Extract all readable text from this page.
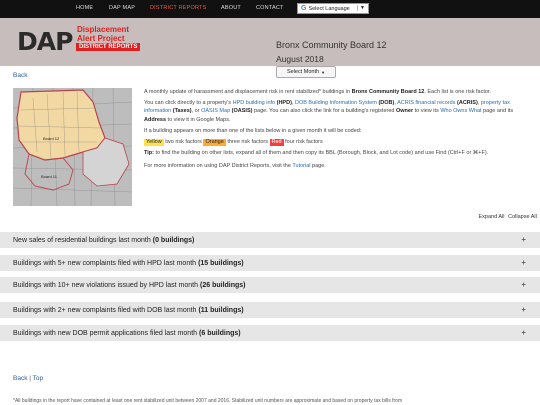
HOME	DAP MAP	DISTRICT REPORTS	ABOUT	CONTACT G Select Language	▼
DAP Displacement
Alert Project
DISTRICT REPORTS	Bronx Community Board 12
August 2018
Select Month ▼
Back
Board 12
Board 11

A monthly update of harassment and displacement risk in rent stabilized* buildings in Bronx Community Board 12. Each list is one risk factor.

You can click directly to a property's HPD building info (HPD), DOB Building Information System (DOB), ACRIS financial records (ACRIS), property tax information (Taxes), or OASIS Map (OASIS) page. You can also click the link for a building's registered Owner to view its Who Owns What page and its Address to view it in Google Maps.

If a building appears on more than one of the lists below in a given month it will be coded:

Yellow two risk factors Orange three risk factors Red four risk factors

Tip: to find the building on other lists, expand all of them and then copy its BBL (Borough, Block, and Lot code) and use Find (Ctrl+F or ⌘+F).

For more information on using DAP District Reports, visit the Tutorial page.

Expand All Collapse All
New sales of residential buildings last month (0 buildings)	+
Buildings with 5+ new complaints filed with HPD last month (15 buildings)	+
Buildings with 10+ new violations issued by HPD last month (26 buildings)	+
Buildings with 2+ new complaints filed with DOB last month (11 buildings)	+
Buildings with new DOB permit applications filed last month (6 buildings)	+
Back | Top
*All buildings in the report have contained at least one rent stabilized unit between 2007 and 2016. Stabilized unit numbers are approximate and based on property tax bills from
